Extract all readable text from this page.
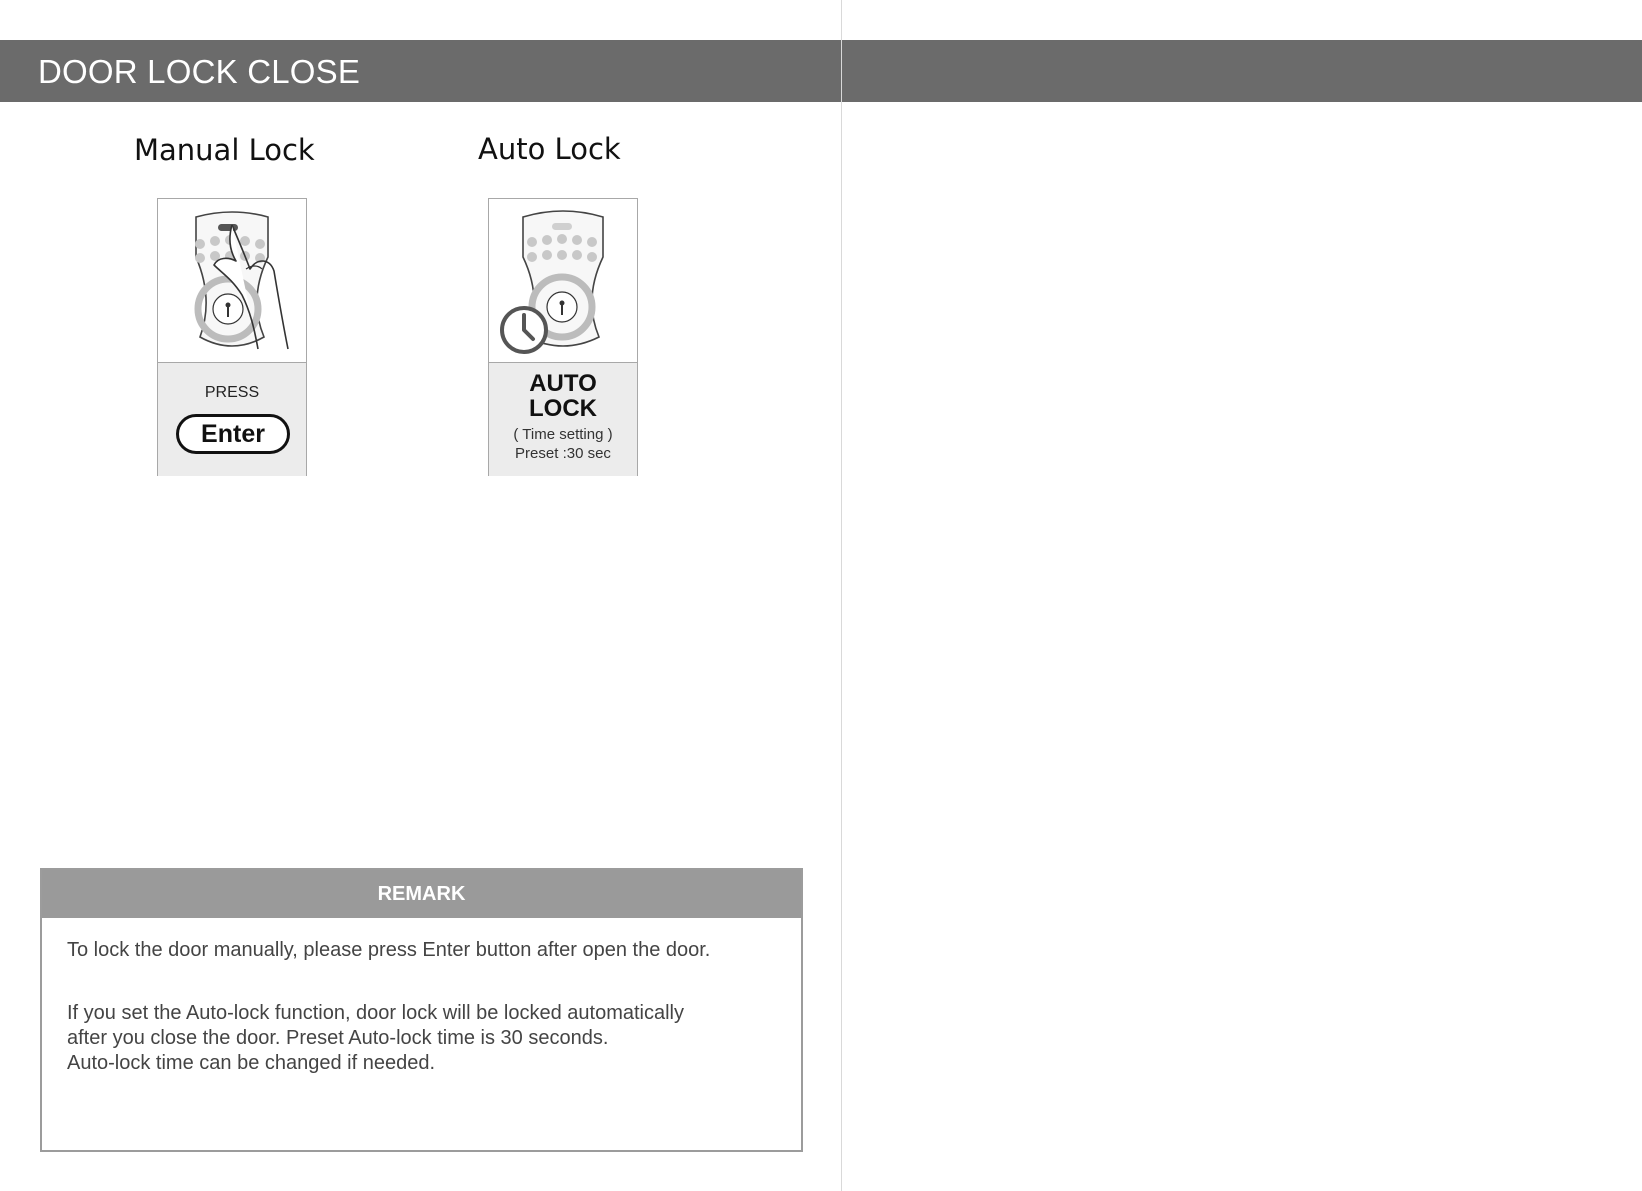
DOOR LOCK CLOSE
Manual Lock
PRESS
Enter
Auto Lock
AUTO
LOCK
( Time setting )
Preset :30 sec
REMARK
To lock the door manually, please press Enter button after open the door.
If you set the Auto-lock function, door lock will be locked automatically
after you close the door. Preset Auto-lock time is 30 seconds.
Auto-lock time can be changed if needed.
